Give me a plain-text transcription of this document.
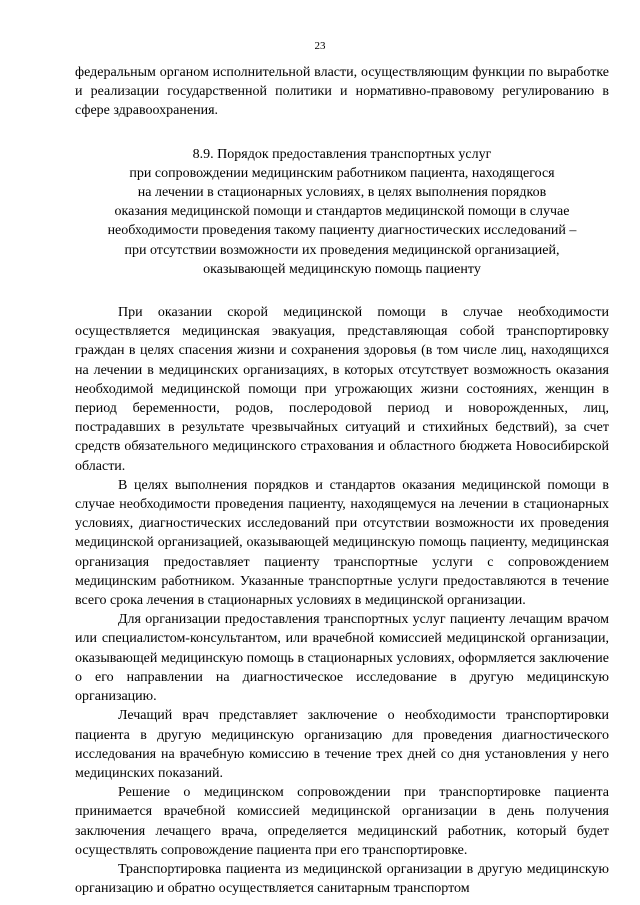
23

федеральным органом исполнительной власти, осуществляющим функции по выработке и реализации государственной политики и нормативно-правовому регулированию в сфере здравоохранения.

8.9. Порядок предоставления транспортных услуг
при сопровождении медицинским работником пациента, находящегося
на лечении в стационарных условиях, в целях выполнения порядков
оказания медицинской помощи и стандартов медицинской помощи в случае
необходимости проведения такому пациенту диагностических исследований –
при отсутствии возможности их проведения медицинской организацией,
оказывающей медицинскую помощь пациенту

При оказании скорой медицинской помощи в случае необходимости осуществляется медицинская эвакуация, представляющая собой транспортировку граждан в целях спасения жизни и сохранения здоровья (в том числе лиц, находящихся на лечении в медицинских организациях, в которых отсутствует возможность оказания необходимой медицинской помощи при угрожающих жизни состояниях, женщин в период беременности, родов, послеродовой период и новорожденных, лиц, пострадавших в результате чрезвычайных ситуаций и стихийных бедствий), за счет средств обязательного медицинского страхования и областного бюджета Новосибирской области.

В целях выполнения порядков и стандартов оказания медицинской помощи в случае необходимости проведения пациенту, находящемуся на лечении в стационарных условиях, диагностических исследований при отсутствии возможности их проведения медицинской организацией, оказывающей медицинскую помощь пациенту, медицинская организация предоставляет пациенту транспортные услуги с сопровождением медицинским работником. Указанные транспортные услуги предоставляются в течение всего срока лечения в стационарных условиях в медицинской организации.

Для организации предоставления транспортных услуг пациенту лечащим врачом или специалистом-консультантом, или врачебной комиссией медицинской организации, оказывающей медицинскую помощь в стационарных условиях, оформляется заключение о его направлении на диагностическое исследование в другую медицинскую организацию.

Лечащий врач представляет заключение о необходимости транспортировки пациента в другую медицинскую организацию для проведения диагностического исследования на врачебную комиссию в течение трех дней со дня установления у него медицинских показаний.

Решение о медицинском сопровождении при транспортировке пациента принимается врачебной комиссией медицинской организации в день получения заключения лечащего врача, определяется медицинский работник, который будет осуществлять сопровождение пациента при его транспортировке.

Транспортировка пациента из медицинской организации в другую медицинскую организацию и обратно осуществляется санитарным транспортом
